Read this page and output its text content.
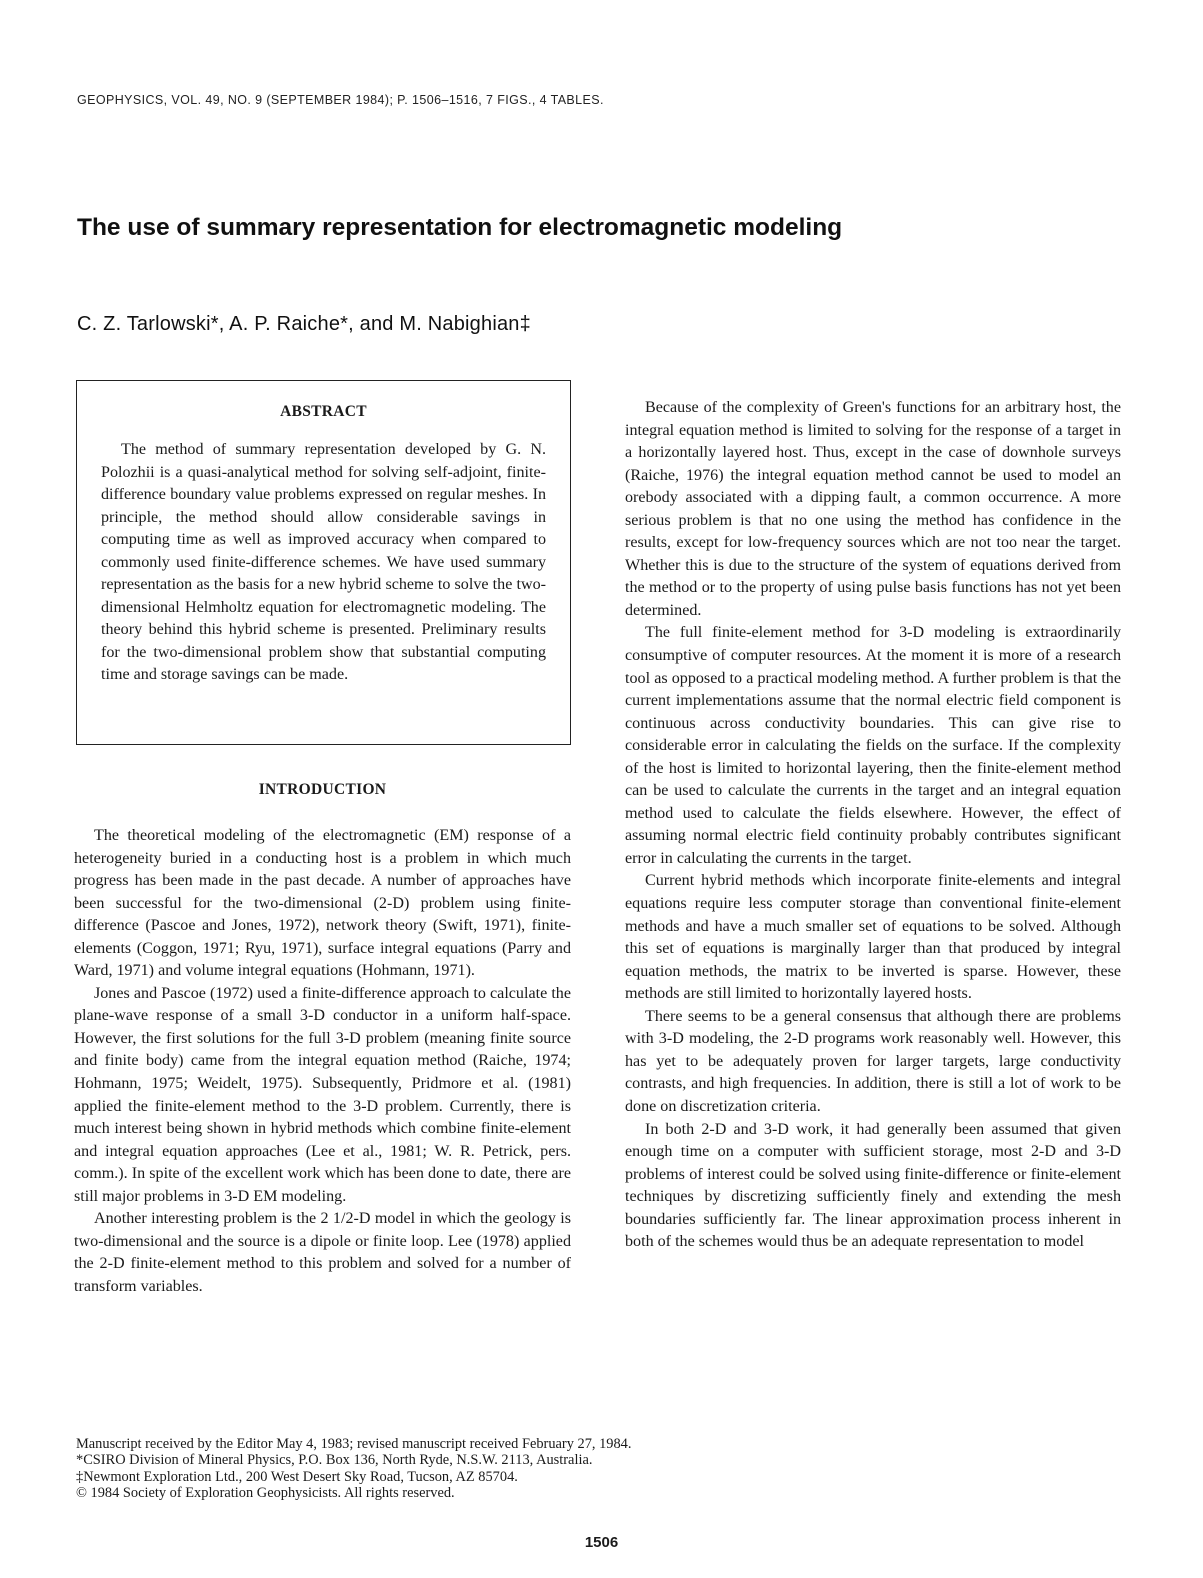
GEOPHYSICS, VOL. 49, NO. 9 (SEPTEMBER 1984); P. 1506–1516, 7 FIGS., 4 TABLES.
The use of summary representation for electromagnetic modeling
C. Z. Tarlowski*, A. P. Raiche*, and M. Nabighian‡
ABSTRACT

The method of summary representation developed by G. N. Polozhii is a quasi-analytical method for solving self-adjoint, finite-difference boundary value problems expressed on regular meshes. In principle, the method should allow considerable savings in computing time as well as improved accuracy when compared to commonly used finite-difference schemes. We have used summary representation as the basis for a new hybrid scheme to solve the two-dimensional Helmholtz equation for electromagnetic modeling. The theory behind this hybrid scheme is presented. Preliminary results for the two-dimensional problem show that substantial computing time and storage savings can be made.

INTRODUCTION

The theoretical modeling of the electromagnetic (EM) response of a heterogeneity buried in a conducting host is a problem in which much progress has been made in the past decade. A number of approaches have been successful for the two-dimensional (2-D) problem using finite-difference (Pascoe and Jones, 1972), network theory (Swift, 1971), finite-elements (Coggon, 1971; Ryu, 1971), surface integral equations (Parry and Ward, 1971) and volume integral equations (Hohmann, 1971).

Jones and Pascoe (1972) used a finite-difference approach to calculate the plane-wave response of a small 3-D conductor in a uniform half-space. However, the first solutions for the full 3-D problem (meaning finite source and finite body) came from the integral equation method (Raiche, 1974; Hohmann, 1975; Weidelt, 1975). Subsequently, Pridmore et al. (1981) applied the finite-element method to the 3-D problem. Currently, there is much interest being shown in hybrid methods which combine finite-element and integral equation approaches (Lee et al., 1981; W. R. Petrick, pers. comm.). In spite of the excellent work which has been done to date, there are still major problems in 3-D EM modeling.

Another interesting problem is the 2 1/2-D model in which the geology is two-dimensional and the source is a dipole or finite loop. Lee (1978) applied the 2-D finite-element method to this problem and solved for a number of transform variables.

Because of the complexity of Green's functions for an arbitrary host, the integral equation method is limited to solving for the response of a target in a horizontally layered host. Thus, except in the case of downhole surveys (Raiche, 1976) the integral equation method cannot be used to model an orebody associated with a dipping fault, a common occurrence. A more serious problem is that no one using the method has confidence in the results, except for low-frequency sources which are not too near the target. Whether this is due to the structure of the system of equations derived from the method or to the property of using pulse basis functions has not yet been determined.

The full finite-element method for 3-D modeling is extraordinarily consumptive of computer resources. At the moment it is more of a research tool as opposed to a practical modeling method. A further problem is that the current implementations assume that the normal electric field component is continuous across conductivity boundaries. This can give rise to considerable error in calculating the fields on the surface. If the complexity of the host is limited to horizontal layering, then the finite-element method can be used to calculate the currents in the target and an integral equation method used to calculate the fields elsewhere. However, the effect of assuming normal electric field continuity probably contributes significant error in calculating the currents in the target.

Current hybrid methods which incorporate finite-elements and integral equations require less computer storage than conventional finite-element methods and have a much smaller set of equations to be solved. Although this set of equations is marginally larger than that produced by integral equation methods, the matrix to be inverted is sparse. However, these methods are still limited to horizontally layered hosts.

There seems to be a general consensus that although there are problems with 3-D modeling, the 2-D programs work reasonably well. However, this has yet to be adequately proven for larger targets, large conductivity contrasts, and high frequencies. In addition, there is still a lot of work to be done on discretization criteria.

In both 2-D and 3-D work, it had generally been assumed that given enough time on a computer with sufficient storage, most 2-D and 3-D problems of interest could be solved using finite-difference or finite-element techniques by discretizing sufficiently finely and extending the mesh boundaries sufficiently far. The linear approximation process inherent in both of the schemes would thus be an adequate representation to model

Manuscript received by the Editor May 4, 1983; revised manuscript received February 27, 1984.
*CSIRO Division of Mineral Physics, P.O. Box 136, North Ryde, N.S.W. 2113, Australia.
‡Newmont Exploration Ltd., 200 West Desert Sky Road, Tucson, AZ 85704.
© 1984 Society of Exploration Geophysicists. All rights reserved.
1506
